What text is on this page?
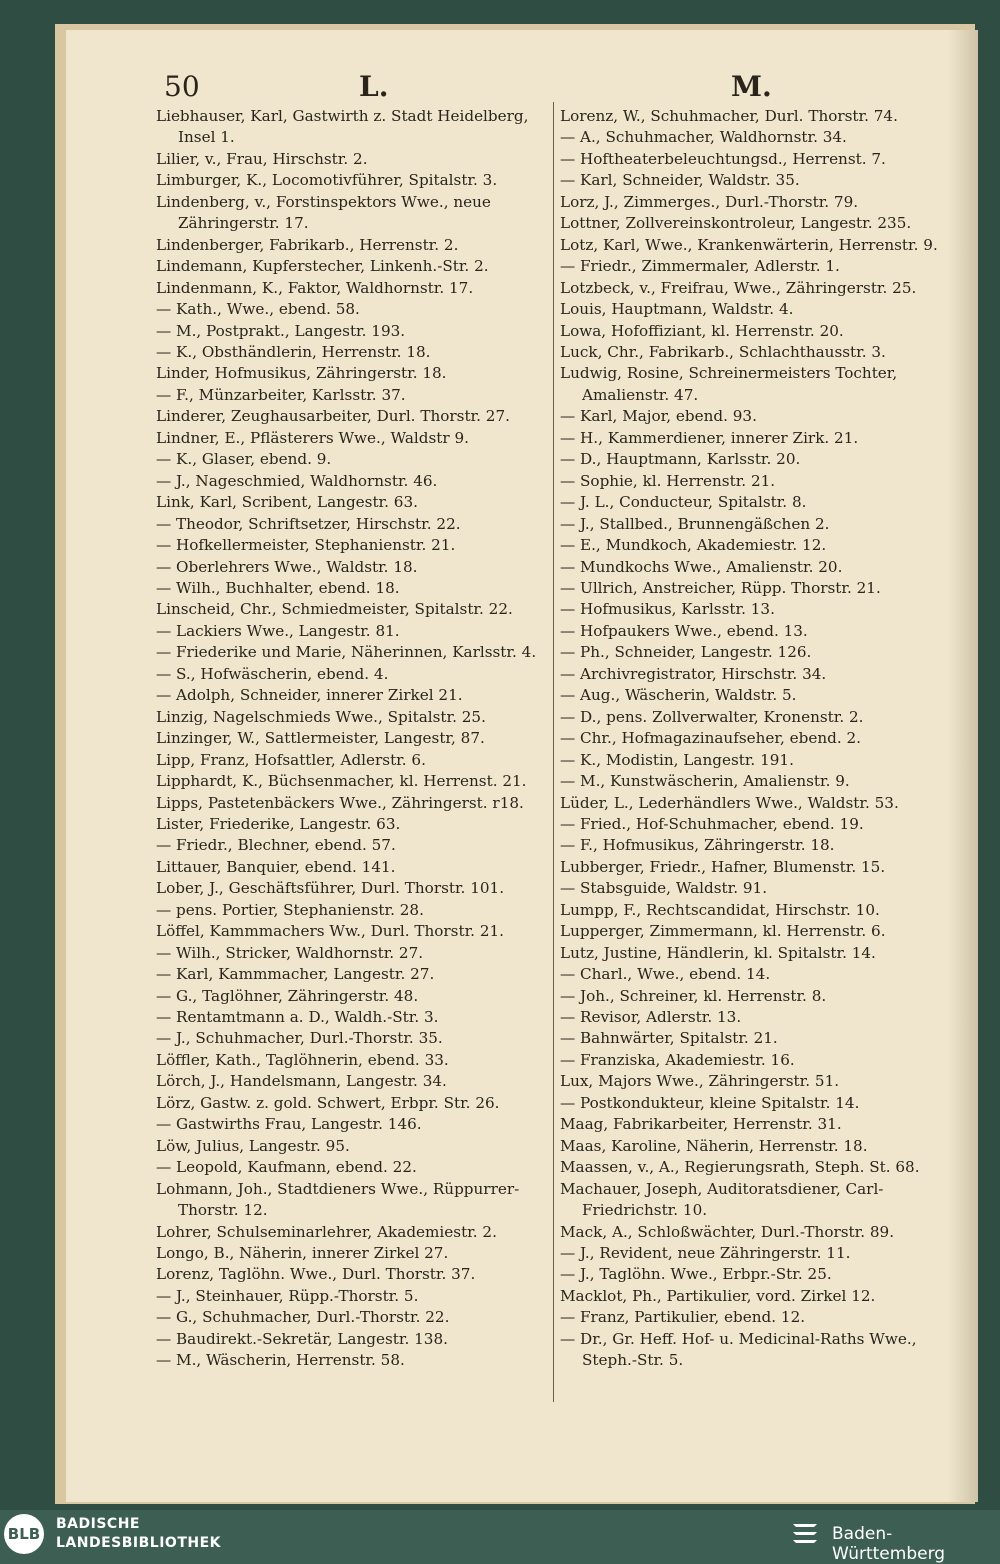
50	L.	M.
Liebhauser, Karl, Gastwirth z. Stadt Heidelberg, Insel 1.
Lilier, v., Frau, Hirschstr. 2.
Limburger, K., Locomotivführer, Spitalstr. 3.
Lindenberg, v., Forstinspektors Wwe., neue Zähringerstr. 17.
Lindenberger, Fabrikarb., Herrenstr. 2.
Lindemann, Kupferstecher, Linkenh.-Str. 2.
Lindenmann, K., Faktor, Waldhornstr. 17.
— Kath., Wwe., ebend. 58.
— M., Postprakt., Langestr. 193.
— K., Obsthändlerin, Herrenstr. 18.
Linder, Hofmusikus, Zähringerstr. 18.
— F., Münzarbeiter, Karlsstr. 37.
Linderer, Zeughausarbeiter, Durl. Thorstr. 27.
Lindner, E., Pflästerers Wwe., Waldstr 9.
— K., Glaser, ebend. 9.
— J., Nageschmied, Waldhornstr. 46.
Link, Karl, Scribent, Langestr. 63.
— Theodor, Schriftsetzer, Hirschstr. 22.
— Hofkellermeister, Stephanienstr. 21.
— Oberlehrers Wwe., Waldstr. 18.
— Wilh., Buchhalter, ebend. 18.
Linscheid, Chr., Schmiedmeister, Spitalstr. 22.
— Lackiers Wwe., Langestr. 81.
— Friederike und Marie, Näherinnen, Karlsstr. 4.
— S., Hofwäscherin, ebend. 4.
— Adolph, Schneider, innerer Zirkel 21.
Linzig, Nagelschmieds Wwe., Spitalstr. 25.
Linzinger, W., Sattlermeister, Langestr, 87.
Lipp, Franz, Hofsattler, Adlerstr. 6.
Lipphardt, K., Büchsenmacher, kl. Herrenst. 21.
Lipps, Pastetenbäckers Wwe., Zähringerst. r18.
Lister, Friederike, Langestr. 63.
— Friedr., Blechner, ebend. 57.
Littauer, Banquier, ebend. 141.
Lober, J., Geschäftsführer, Durl. Thorstr. 101.
— pens. Portier, Stephanienstr. 28.
Löffel, Kammmachers Ww., Durl. Thorstr. 21.
— Wilh., Stricker, Waldhornstr. 27.
— Karl, Kammmacher, Langestr. 27.
— G., Taglöhner, Zähringerstr. 48.
— Rentamtmann a. D., Waldh.-Str. 3.
— J., Schuhmacher, Durl.-Thorstr. 35.
Löffler, Kath., Taglöhnerin, ebend. 33.
Lörch, J., Handelsmann, Langestr. 34.
Lörz, Gastw. z. gold. Schwert, Erbpr. Str. 26.
— Gastwirths Frau, Langestr. 146.
Löw, Julius, Langestr. 95.
— Leopold, Kaufmann, ebend. 22.
Lohmann, Joh., Stadtdieners Wwe., Rüppurrer-Thorstr. 12.
Lohrer, Schulseminarlehrer, Akademiestr. 2.
Longo, B., Näherin, innerer Zirkel 27.
Lorenz, Taglöhn. Wwe., Durl. Thorstr. 37.
— J., Steinhauer, Rüpp.-Thorstr. 5.
— G., Schuhmacher, Durl.-Thorstr. 22.
— Baudirekt.-Sekretär, Langestr. 138.
— M., Wäscherin, Herrenstr. 58.
Lorenz, W., Schuhmacher, Durl. Thorstr. 74.
— A., Schuhmacher, Waldhornstr. 34.
— Hoftheaterbeleuchtungsd., Herrenst. 7.
— Karl, Schneider, Waldstr. 35.
Lorz, J., Zimmerges., Durl.-Thorstr. 79.
Lottner, Zollvereinskontroleur, Langestr. 235.
Lotz, Karl, Wwe., Krankenwärterin, Herrenstr. 9.
— Friedr., Zimmermaler, Adlerstr. 1.
Lotzbeck, v., Freifrau, Wwe., Zähringerstr. 25.
Louis, Hauptmann, Waldstr. 4.
Lowa, Hofoffiziant, kl. Herrenstr. 20.
Luck, Chr., Fabrikarb., Schlachthausstr. 3.
Ludwig, Rosine, Schreinermeisters Tochter, Amalienstr. 47.
— Karl, Major, ebend. 93.
— H., Kammerdiener, innerer Zirk. 21.
— D., Hauptmann, Karlsstr. 20.
— Sophie, kl. Herrenstr. 21.
— J. L., Conducteur, Spitalstr. 8.
— J., Stallbed., Brunnengäßchen 2.
— E., Mundkoch, Akademiestr. 12.
— Mundkochs Wwe., Amalienstr. 20.
— Ullrich, Anstreicher, Rüpp. Thorstr. 21.
— Hofmusikus, Karlsstr. 13.
— Hofpaukers Wwe., ebend. 13.
— Ph., Schneider, Langestr. 126.
— Archivregistrator, Hirschstr. 34.
— Aug., Wäscherin, Waldstr. 5.
— D., pens. Zollverwalter, Kronenstr. 2.
— Chr., Hofmagazinaufseher, ebend. 2.
— K., Modistin, Langestr. 191.
— M., Kunstwäscherin, Amalienstr. 9.
Lüder, L., Lederhändlers Wwe., Waldstr. 53.
— Fried., Hof-Schuhmacher, ebend. 19.
— F., Hofmusikus, Zähringerstr. 18.
Lubberger, Friedr., Hafner, Blumenstr. 15.
— Stabsguide, Waldstr. 91.
Lumpp, F., Rechtscandidat, Hirschstr. 10.
Lupperger, Zimmermann, kl. Herrenstr. 6.
Lutz, Justine, Händlerin, kl. Spitalstr. 14.
— Charl., Wwe., ebend. 14.
— Joh., Schreiner, kl. Herrenstr. 8.
— Revisor, Adlerstr. 13.
— Bahnwärter, Spitalstr. 21.
— Franziska, Akademiestr. 16.
Lux, Majors Wwe., Zähringerstr. 51.
— Postkondukteur, kleine Spitalstr. 14.
Maag, Fabrikarbeiter, Herrenstr. 31.
Maas, Karoline, Näherin, Herrenstr. 18.
Maassen, v., A., Regierungsrath, Steph. St. 68.
Machauer, Joseph, Auditoratsdiener, Carl-Friedrichstr. 10.
Mack, A., Schloßwächter, Durl.-Thorstr. 89.
— J., Revident, neue Zähringerstr. 11.
— J., Taglöhn. Wwe., Erbpr.-Str. 25.
Macklot, Ph., Partikulier, vord. Zirkel 12.
— Franz, Partikulier, ebend. 12.
— Dr., Gr. Heff. Hof- u. Medicinal-Raths Wwe., Steph.-Str. 5.
BLB
BADISCHE
LANDESBIBLIOTHEK	Baden-Württemberg
